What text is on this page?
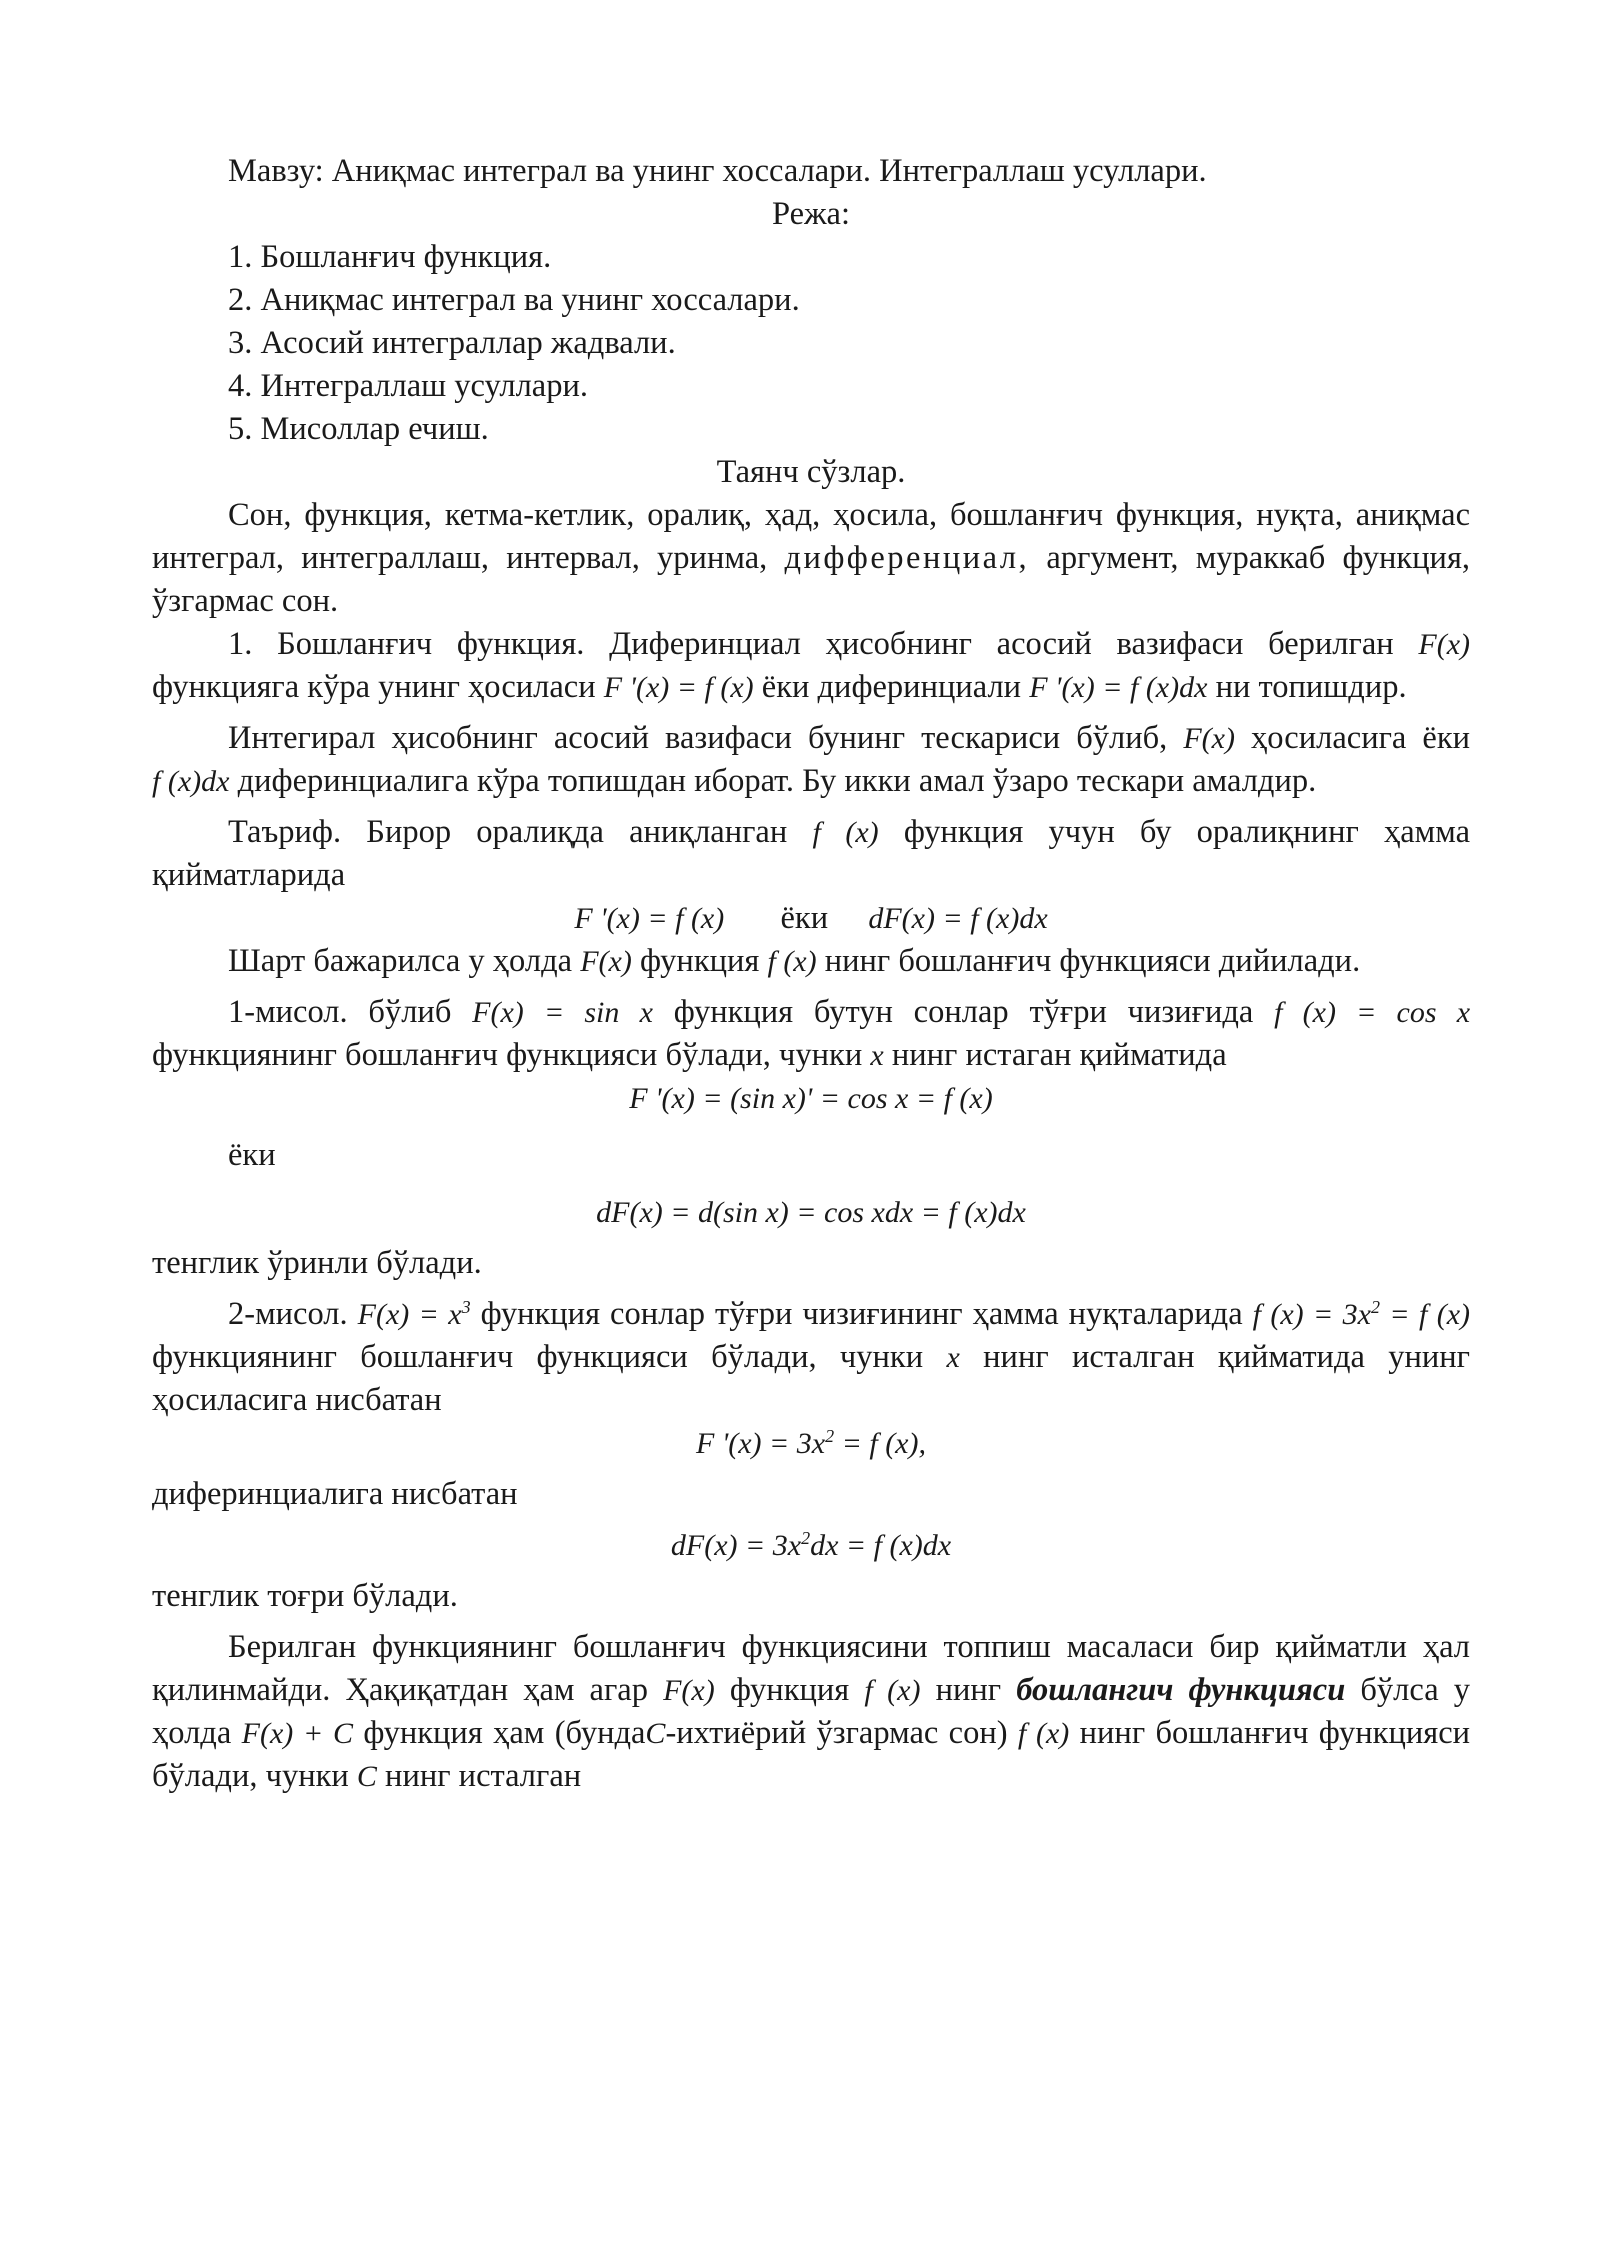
Мавзу: Аниқмас интеграл ва унинг хоссалари. Интеграллаш усуллари.

Режа:

1. Бошланғич функция.

2. Аниқмас интеграл ва унинг хоссалари.

3. Асосий интеграллар жадвали.

4. Интеграллаш усуллари.

5. Мисоллар ечиш.

Таянч сўзлар.

Сон, функция, кетма-кетлик, оралиқ, ҳад, ҳосила, бошланғич функция, нуқта, аниқмас интеграл, интеграллаш, интервал, уринма, дифференциал, аргумент, мураккаб функция, ўзгармас сон.

1. Бошланғич функция. Диферинциал ҳисобнинг асосий вазифаси берилган F(x) функцияга кўра унинг ҳосиласи F '(x) = f (x) ёки диферинциали F '(x) = f (x)dx ни топишдир.

Интегирал ҳисобнинг асосий вазифаси бунинг тескариси бўлиб, F(x) ҳосиласига ёки f (x)dx диферинциалига кўра топишдан иборат. Бу икки амал ўзаро тескари амалдир.

Таъриф. Бирор оралиқда аниқланган f (x) функция учун бу оралиқнинг ҳамма қийматларида

F '(x) = f (x) ёки dF(x) = f (x)dx

Шарт бажарилса у ҳолда F(x) функция f (x) нинг бошланғич функцияси дийилади.

1-мисол. бўлиб F(x) = sin x функция бутун сонлар тўғри чизиғида f (x) = cos x функциянинг бошланғич функцияси бўлади, чунки x нинг истаган қийматида

F '(x) = (sin x)' = cos x = f (x)

ёки

dF(x) = d(sin x) = cos xdx = f (x)dx

тенглик ўринли бўлади.

2-мисол. $F(x) = x^3$ функция сонлар тўғри чизиғининг ҳамма нуқталарида f $(x) = 3x^2 = f$ (x) функциянинг бошланғич функцияси бўлади, чунки x нинг исталган қийматида унинг ҳосиласига нисбатан

F '$(x) = 3x^2 = f$ (x),

диферинциалига нисбатан

$dF(x) = 3x^2dx = f$ (x)dx

тенглик тоғри бўлади.

Берилган функциянинг бошланғич функциясини топпиш масаласи бир қийматли ҳал қилинмайди. Ҳақиқатдан ҳам агар F(x) функция f (x) нинг бошлангич функцияси бўлса у ҳолда F(x) + C функция ҳам (бундаC-ихтиёрий ўзгармас сон) f (x) нинг бошланғич функцияси бўлади, чунки C нинг исталган
